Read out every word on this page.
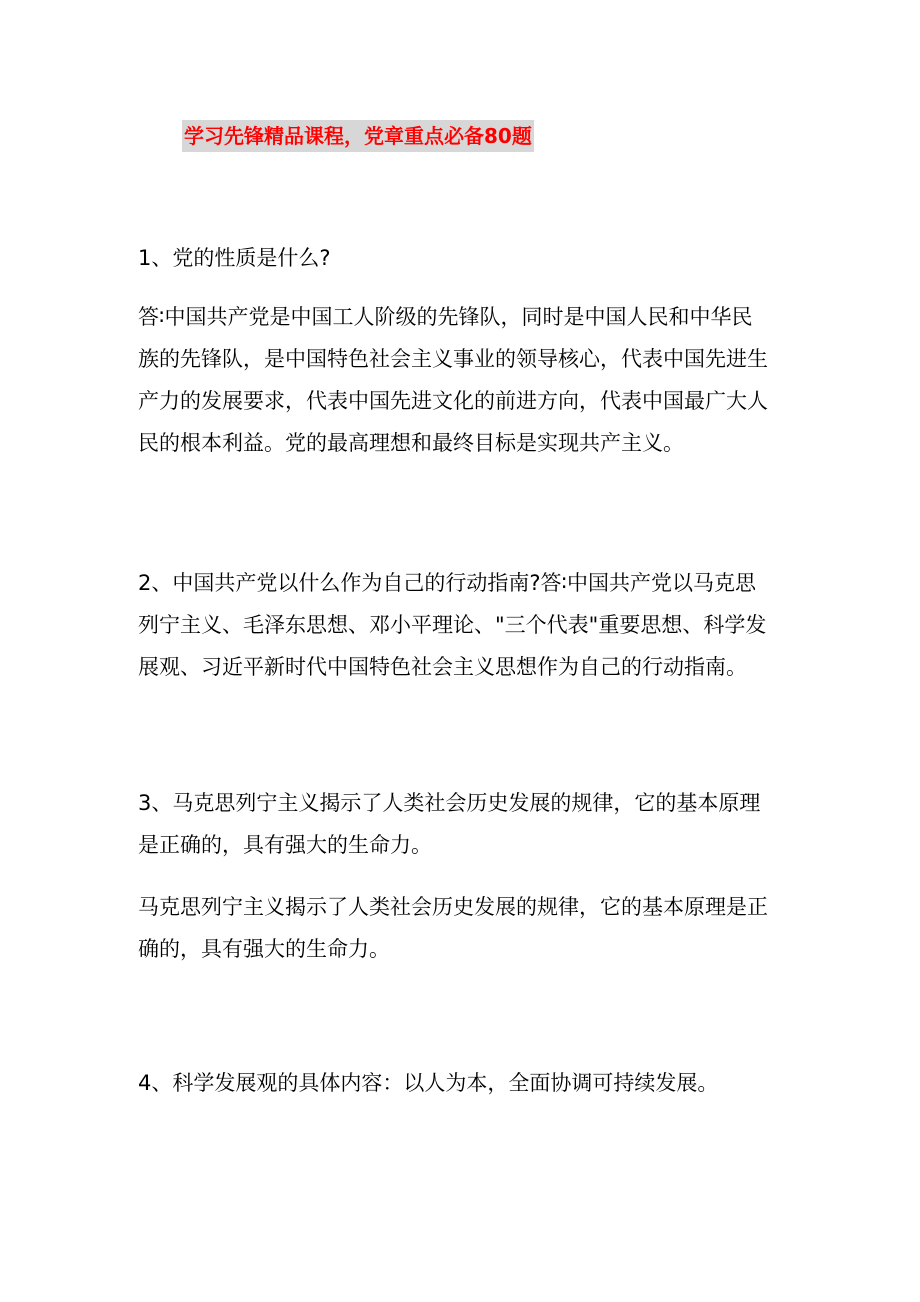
学习先锋精品课程，党章重点必备80题
1、党的性质是什么?
答∶中国共产党是中国工人阶级的先锋队，同时是中国人民和中华民
族的先锋队，是中国特色社会主义事业的领导核心，代表中国先进生
产力的发展要求，代表中国先进文化的前进方向，代表中国最广大人
民的根本利益。党的最高理想和最终目标是实现共产主义。
2、中国共产党以什么作为自己的行动指南?答∶中国共产党以马克思
列宁主义、毛泽东思想、邓小平理论、"三个代表"重要思想、科学发
展观、习近平新时代中国特色社会主义思想作为自己的行动指南。
3、马克思列宁主义揭示了人类社会历史发展的规律，它的基本原理
是正确的，具有强大的生命力。
马克思列宁主义揭示了人类社会历史发展的规律，它的基本原理是正
确的，具有强大的生命力。
4、科学发展观的具体内容：以人为本，全面协调可持续发展。
